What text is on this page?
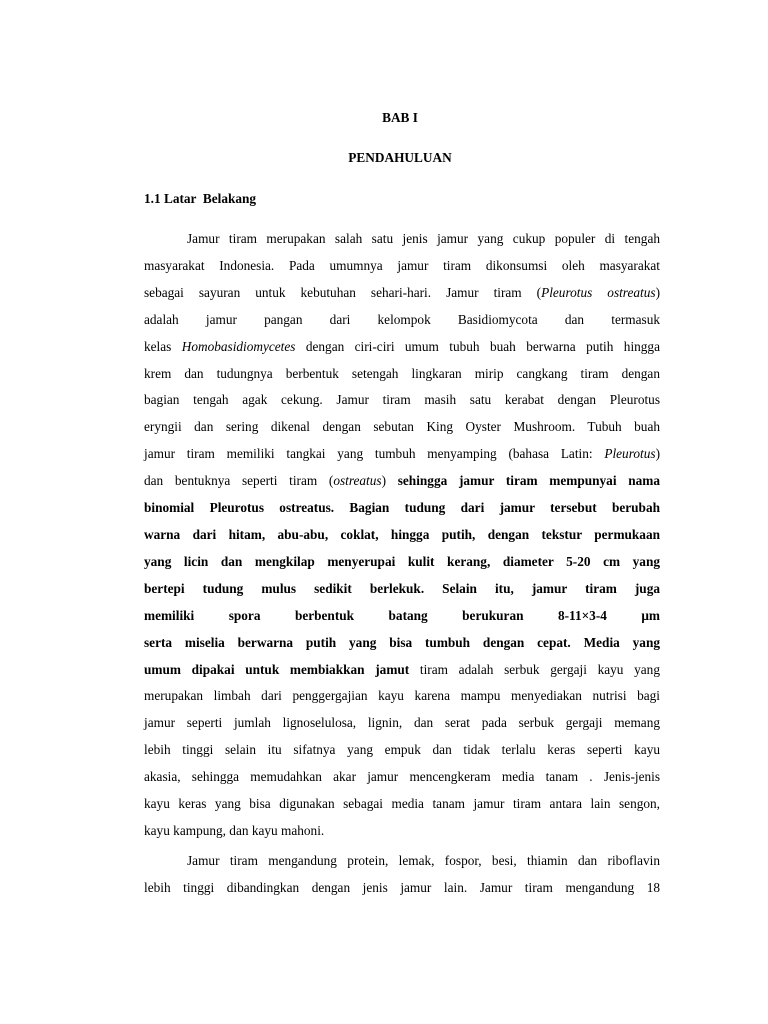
BAB I

PENDAHULUAN

1.1 Latar  Belakang

Jamur tiram merupakan salah satu jenis jamur yang cukup populer di tengah
masyarakat Indonesia. Pada umumnya jamur tiram dikonsumsi oleh masyarakat
sebagai sayuran untuk kebutuhan sehari-hari. Jamur tiram (Pleurotus ostreatus)
adalah jamur pangan dari kelompok Basidiomycota dan termasuk
kelas Homobasidiomycetes dengan ciri-ciri umum tubuh buah berwarna putih hingga
krem dan tudungnya berbentuk setengah lingkaran mirip cangkang tiram dengan
bagian tengah agak cekung. Jamur tiram masih satu kerabat dengan Pleurotus
eryngii dan sering dikenal dengan sebutan King Oyster Mushroom. Tubuh buah
jamur tiram memiliki tangkai yang tumbuh menyamping (bahasa Latin: Pleurotus)
dan bentuknya seperti tiram (ostreatus) sehingga jamur tiram mempunyai nama
binomial Pleurotus ostreatus. Bagian tudung dari jamur tersebut berubah
warna dari hitam, abu-abu, coklat, hingga putih, dengan tekstur permukaan
yang licin dan mengkilap menyerupai kulit kerang, diameter 5-20 cm yang
bertepi tudung mulus sedikit berlekuk. Selain itu, jamur tiram juga
memiliki spora berbentuk batang berukuran 8-11×3-4 μm
serta miselia berwarna putih yang bisa tumbuh dengan cepat. Media yang
umum dipakai untuk membiakkan jamut tiram adalah serbuk gergaji kayu yang
merupakan limbah dari penggergajian kayu karena mampu menyediakan nutrisi bagi
jamur seperti jumlah lignoselulosa, lignin, dan serat pada serbuk gergaji memang
lebih tinggi selain itu sifatnya yang empuk dan tidak terlalu keras seperti kayu
akasia, sehingga memudahkan akar jamur mencengkeram media tanam . Jenis-jenis
kayu keras yang bisa digunakan sebagai media tanam jamur tiram antara lain sengon,
kayu kampung, dan kayu mahoni.
Jamur tiram mengandung protein, lemak, fospor, besi, thiamin dan riboflavin
lebih tinggi dibandingkan dengan jenis jamur lain. Jamur tiram mengandung 18
